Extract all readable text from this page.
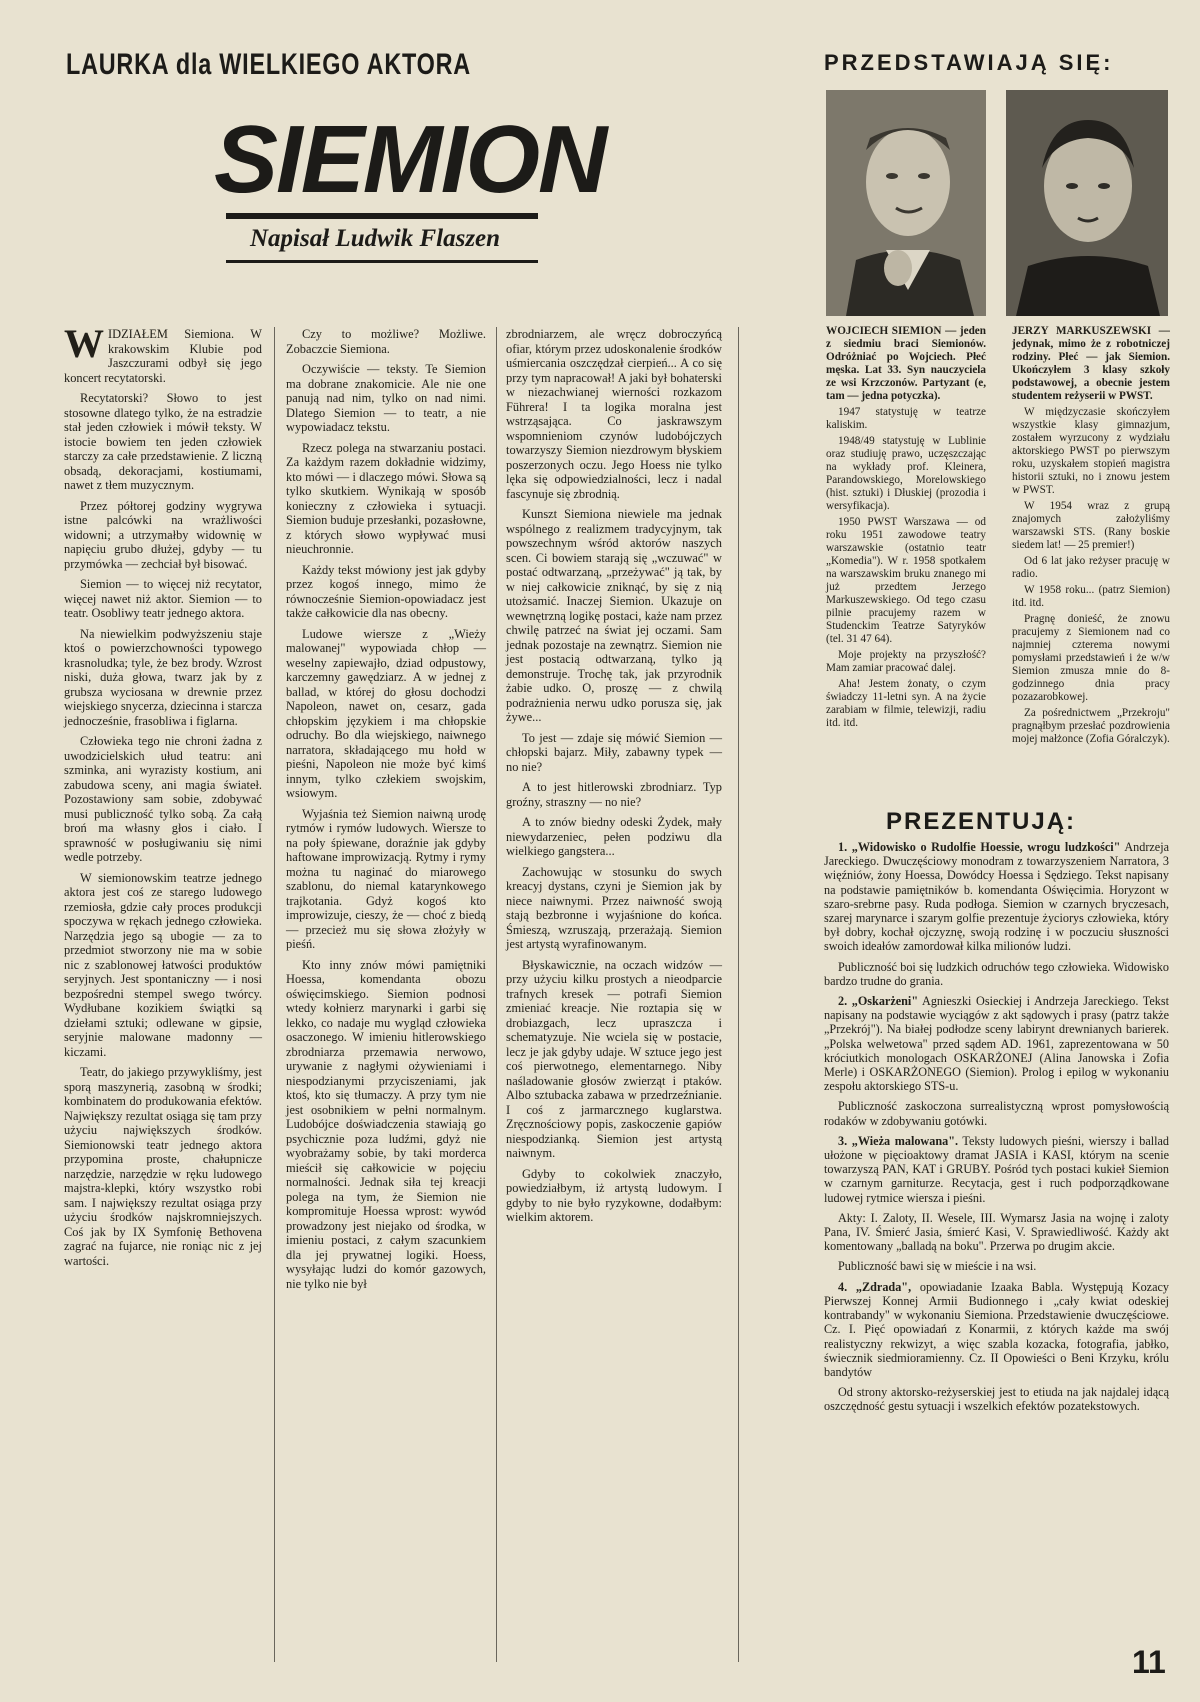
LAURKA dla WIELKIEGO AKTORA
SIEMION
Napisał Ludwik Flaszen

WIDZIAŁEM Siemiona. W krakowskim Klubie pod Jaszczurami odbył się jego koncert recytatorski.

Recytatorski? Słowo to jest stosowne dlatego tylko, że na estradzie stał jeden człowiek i mówił teksty. W istocie bowiem ten jeden człowiek starczy za całe przedstawienie. Z liczną obsadą, dekoracjami, kostiumami, nawet z tłem muzycznym.

Przez półtorej godziny wygrywa istne palcówki na wrażliwości widowni; a utrzymałby widownię w napięciu grubo dłużej, gdyby — tu przymówka — zechciał był bisować.

Siemion — to więcej niż recytator, więcej nawet niż aktor. Siemion — to teatr. Osobliwy teatr jednego aktora.

Na niewielkim podwyższeniu staje ktoś o powierzchowności typowego krasnoludka; tyle, że bez brody. Wzrost niski, duża głowa, twarz jak by z grubsza wyciosana w drewnie przez wiejskiego snycerza, dziecinna i starcza jednocześnie, frasobliwa i figlarna.

Człowieka tego nie chroni żadna z uwodzicielskich ułud teatru: ani szminka, ani wyrazisty kostium, ani zabudowa sceny, ani magia świateł. Pozostawiony sam sobie, zdobywać musi publiczność tylko sobą. Za całą broń ma własny głos i ciało. I sprawność w posługiwaniu się nimi wedle potrzeby.

W siemionowskim teatrze jednego aktora jest coś ze starego ludowego rzemiosła, gdzie cały proces produkcji spoczywa w rękach jednego człowieka. Narzędzia jego są ubogie — za to przedmiot stworzony nie ma w sobie nic z szablonowej łatwości produktów seryjnych. Jest spontaniczny — i nosi bezpośredni stempel swego twórcy. Wydłubane kozikiem świątki są dziełami sztuki; odlewane w gipsie, seryjnie malowane madonny — kiczami.

Teatr, do jakiego przywykliśmy, jest sporą maszynerią, zasobną w środki; kombinatem do produkowania efektów. Największy rezultat osiąga się tam przy użyciu największych środków. Siemionowski teatr jednego aktora przypomina proste, chałupnicze narzędzie, narzędzie w ręku ludowego majstra-klepki, który wszystko robi sam. I największy rezultat osiąga przy użyciu środków najskromniejszych. Coś jak by IX Symfonię Bethovena zagrać na fujarce, nie roniąc nic z jej wartości.

Czy to możliwe? Możliwe. Zobaczcie Siemiona.

Oczywiście — teksty. Te Siemion ma dobrane znakomicie. Ale nie one panują nad nim, tylko on nad nimi. Dlatego Siemion — to teatr, a nie wypowiadacz tekstu.

Rzecz polega na stwarzaniu postaci. Za każdym razem dokładnie widzimy, kto mówi — i dlaczego mówi. Słowa są tylko skutkiem. Wynikają w sposób konieczny z człowieka i sytuacji. Siemion buduje przesłanki, pozasłowne, z których słowo wypływać musi nieuchronnie.

Każdy tekst mówiony jest jak gdyby przez kogoś innego, mimo że równocześnie Siemion-opowiadacz jest także całkowicie dla nas obecny.

Ludowe wiersze z „Wieży malowanej" wypowiada chłop — weselny zapiewajło, dziad odpustowy, karczemny gawędziarz. A w jednej z ballad, w której do głosu dochodzi Napoleon, nawet on, cesarz, gada chłopskim językiem i ma chłopskie odruchy. Bo dla wiejskiego, naiwnego narratora, składającego mu hołd w pieśni, Napoleon nie może być kimś innym, tylko człekiem swojskim, wsiowym.

Wyjaśnia też Siemion naiwną urodę rytmów i rymów ludowych. Wiersze to na poły śpiewane, doraźnie jak gdyby haftowane improwizacją. Rytmy i rymy można tu naginać do miarowego szablonu, do niemal katarynkowego trajkotania. Gdyż kogoś kto improwizuje, cieszy, że — choć z biedą — przecież mu się słowa złożyły w pieśń.

Kto inny znów mówi pamiętniki Hoessa, komendanta obozu oświęcimskiego. Siemion podnosi wtedy kołnierz marynarki i garbi się lekko, co nadaje mu wygląd człowieka osaczonego. W imieniu hitlerowskiego zbrodniarza przemawia nerwowo, urywanie z nagłymi ożywieniami i niespodzianymi przyciszeniami, jak ktoś, kto się tłumaczy. A przy tym nie jest osobnikiem w pełni normalnym. Ludobójce doświadczenia stawiają go psychicznie poza ludźmi, gdyż nie wyobrażamy sobie, by taki morderca mieścił się całkowicie w pojęciu normalności. Jednak siła tej kreacji polega na tym, że Siemion nie kompromituje Hoessa wprost: wywód prowadzony jest niejako od środka, w imieniu postaci, z całym szacunkiem dla jej prywatnej logiki. Hoess, wysyłając ludzi do komór gazowych, nie tylko nie był

zbrodniarzem, ale wręcz dobroczyńcą ofiar, którym przez udoskonalenie środków uśmiercania oszczędzał cierpień... A co się przy tym napracował! A jaki był bohaterski w niezachwianej wierności rozkazom Führera! I ta logika moralna jest wstrząsająca. Co jaskrawszym wspomnieniom czynów ludobójczych towarzyszy Siemion niezdrowym błyskiem poszerzonych oczu. Jego Hoess nie tylko lęka się odpowiedzialności, lecz i nadal fascynuje się zbrodnią.

Kunszt Siemiona niewiele ma jednak wspólnego z realizmem tradycyjnym, tak powszechnym wśród aktorów naszych scen. Ci bowiem starają się „wczuwać" w postać odtwarzaną, „przeżywać" ją tak, by w niej całkowicie zniknąć, by się z nią utożsamić. Inaczej Siemion. Ukazuje on wewnętrzną logikę postaci, każe nam przez chwilę patrzeć na świat jej oczami. Sam jednak pozostaje na zewnątrz. Siemion nie jest postacią odtwarzaną, tylko ją demonstruje. Trochę tak, jak przyrodnik żabie udko. O, proszę — z chwilą podrażnienia nerwu udko porusza się, jak żywe...

To jest — zdaje się mówić Siemion — chłopski bajarz. Miły, zabawny typek — no nie?

A to jest hitlerowski zbrodniarz. Typ groźny, straszny — no nie?

A to znów biedny odeski Żydek, mały niewydarzeniec, pełen podziwu dla wielkiego gangstera...

Zachowując w stosunku do swych kreacyj dystans, czyni je Siemion jak by niece naiwnymi. Przez naiwność swoją stają bezbronne i wyjaśnione do końca. Śmieszą, wzruszają, przerażają. Siemion jest artystą wyrafinowanym.

Błyskawicznie, na oczach widzów — przy użyciu kilku prostych a nieodparcie trafnych kresek — potrafi Siemion zmieniać kreacje. Nie roztapia się w drobiazgach, lecz upraszcza i schematyzuje. Nie wciela się w postacie, lecz je jak gdyby udaje. W sztuce jego jest coś pierwotnego, elementarnego. Niby naśladowanie głosów zwierząt i ptaków. Albo sztubacka zabawa w przedrzeźnianie. I coś z jarmarcznego kuglarstwa. Zręcznościowy popis, zaskoczenie gapiów niespodzianką. Siemion jest artystą naiwnym.

Gdyby to cokolwiek znaczyło, powiedziałbym, iż artystą ludowym. I gdyby to nie było ryzykowne, dodałbym: wielkim aktorem.

PRZEDSTAWIAJĄ SIĘ:

WOJCIECH SIEMION — jeden z siedmiu braci Siemionów. Odróżniać po Wojciech. Płeć męska. Lat 33. Syn nauczyciela ze wsi Krzczonów. Partyzant (e, tam — jedna potyczka).

1947 statystuję w teatrze kaliskim.

1948/49 statystuję w Lublinie oraz studiuję prawo, uczęszczając na wykłady prof. Kleinera, Parandowskiego, Morelowskiego (hist. sztuki) i Dłuskiej (prozodia i wersyfikacja).

1950 PWST Warszawa — od roku 1951 zawodowe teatry warszawskie (ostatnio teatr „Komedia"). W r. 1958 spotkałem na warszawskim bruku znanego mi już przedtem Jerzego Markuszewskiego. Od tego czasu pilnie pracujemy razem w Studenckim Teatrze Satyryków (tel. 31 47 64).

Moje projekty na przyszłość? Mam zamiar pracować dalej.

Aha! Jestem żonaty, o czym świadczy 11-letni syn. A na życie zarabiam w filmie, telewizji, radiu itd. itd.

JERZY MARKUSZEWSKI — jedynak, mimo że z robotniczej rodziny. Płeć — jak Siemion. Ukończyłem 3 klasy szkoły podstawowej, a obecnie jestem studentem reżyserii w PWST.

W międzyczasie skończyłem wszystkie klasy gimnazjum, zostałem wyrzucony z wydziału aktorskiego PWST po pierwszym roku, uzyskałem stopień magistra historii sztuki, no i znowu jestem w PWST.

W 1954 wraz z grupą znajomych założyliśmy warszawski STS. (Rany boskie siedem lat! — 25 premier!)

Od 6 lat jako reżyser pracuję w radio.

W 1958 roku... (patrz Siemion) itd. itd.

Pragnę donieść, że znowu pracujemy z Siemionem nad co najmniej czterema nowymi pomysłami przedstawień i że w/w Siemion zmusza mnie do 8-godzinnego dnia pracy pozazarobkowej.

Za pośrednictwem „Przekroju" pragnąłbym przesłać pozdrowienia mojej małżonce (Zofia Góralczyk).

PREZENTUJĄ:

1. „Widowisko o Rudolfie Hoessie, wrogu ludzkości" Andrzeja Jareckiego. Dwuczęściowy monodram z towarzyszeniem Narratora, 3 więźniów, żony Hoessa, Dowódcy Hoessa i Sędziego. Tekst napisany na podstawie pamiętników b. komendanta Oświęcimia. Horyzont w szaro-srebrne pasy. Ruda podłoga. Siemion w czarnych bryczesach, szarej marynarce i szarym golfie prezentuje życiorys człowieka, który był dobry, kochał ojczyznę, swoją rodzinę i w poczuciu słuszności swoich ideałów zamordował kilka milionów ludzi.

Publiczność boi się ludzkich odruchów tego człowieka. Widowisko bardzo trudne do grania.

2. „Oskarżeni" Agnieszki Osieckiej i Andrzeja Jareckiego. Tekst napisany na podstawie wyciągów z akt sądowych i prasy (patrz także „Przekrój"). Na białej podłodze sceny labirynt drewnianych barierek. „Polska welwetowa" przed sądem AD. 1961, zaprezentowana w 50 króciutkich monologach OSKARŻONEJ (Alina Janowska i Zofia Merle) i OSKARŻONEGO (Siemion). Prolog i epilog w wykonaniu zespołu aktorskiego STS-u.

Publiczność zaskoczona surrealistyczną wprost pomysłowością rodaków w zdobywaniu gotówki.

3. „Wieża malowana". Teksty ludowych pieśni, wierszy i ballad ułożone w pięcioaktowy dramat JASIA i KASI, którym na scenie towarzyszą PAN, KAT i GRUBY. Pośród tych postaci kukieł Siemion w czarnym garniturze. Recytacja, gest i ruch podporządkowane ludowej rytmice wiersza i pieśni.

Akty: I. Zaloty, II. Wesele, III. Wymarsz Jasia na wojnę i zaloty Pana, IV. Śmierć Jasia, śmierć Kasi, V. Sprawiedliwość. Każdy akt komentowany „balladą na boku". Przerwa po drugim akcie.

Publiczność bawi się w mieście i na wsi.

4. „Zdrada", opowiadanie Izaaka Babla. Występują Kozacy Pierwszej Konnej Armii Budionnego i „cały kwiat odeskiej kontrabandy" w wykonaniu Siemiona. Przedstawienie dwuczęściowe. Cz. I. Pięć opowiadań z Konarmii, z których każde ma swój realistyczny rekwizyt, a więc szabla kozacka, fotografia, jabłko, świecznik siedmioramienny. Cz. II Opowieści o Beni Krzyku, królu bandytów

Od strony aktorsko-reżyserskiej jest to etiuda na jak najdalej idącą oszczędność gestu sytuacji i wszelkich efektów pozatekstowych.

11
